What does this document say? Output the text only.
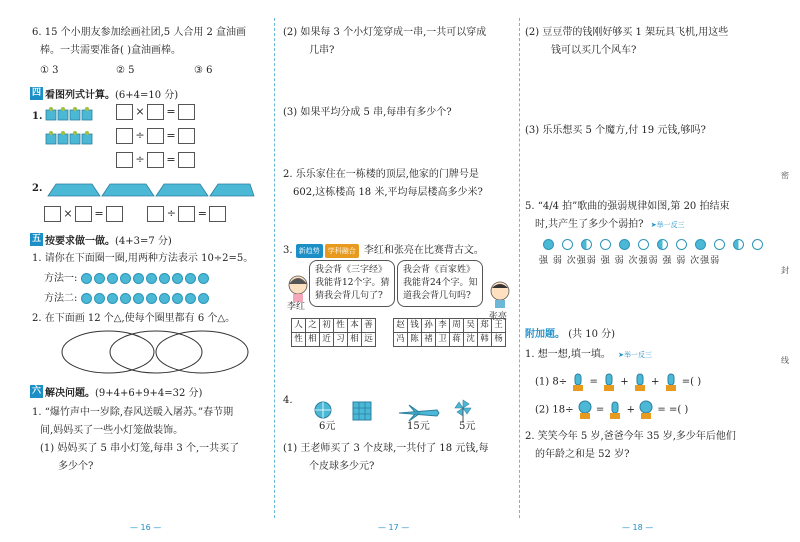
6. 15 个小朋友参加绘画社团,5 人合用 2 盒油画
棒。一共需要准备( )盒油画棒。
① 3	② 5	③ 6
四 看图列式计算。 (6+4=10 分)
1.	× =
÷ =
÷ =
2.
× =	÷ =
五 按要求做一做。 (4+3=7 分)
1. 请你在下面圈一圈,用两种方法表示 10÷2=5。
方法一:
方法二:
2. 在下面画 12 个△,使每个圈里都有 6 个△。
六 解决问题。 (9+4+6+9+4=32 分)
1. “爆竹声中一岁除,春风送暖入屠苏。”春节期
间,妈妈买了一些小灯笼做装饰。
(1) 妈妈买了 5 串小灯笼,每串 3 个,一共买了
多少个?
(2) 如果每 3 个小灯笼穿成一串,一共可以穿成
几串?
(3) 如果平均分成 5 串,每串有多少个?
2. 乐乐家住在一栋楼的顶层,他家的门牌号是
602,这栋楼高 18 米,平均每层楼高多少米?
3. 新趋势 学科融合 李红和张亮在比赛背古文。
李红
我会背《三字经》
我能背12个字。猜
猜我会背几句了?
我会背《百家姓》
我能背24个字。知
道我会背几句吗?
张亮
人	之	初	性	本	善
性	相	近	习	相	远
赵	钱	孙	李	周	吴	郑	王
冯	陈	褚	卫	蒋	沈	韩	杨
4.
6元	15元	5元
(1) 王老师买了 3 个皮球,一共付了 18 元钱,每
个皮球多少元?
(2) 豆豆带的钱刚好够买 1 架玩具飞机,用这些
钱可以买几个风车?
(3) 乐乐想买 5 个魔方,付 19 元钱,够吗?
5. “4/4 拍”歌曲的强弱规律如图,第 20 拍结束
时,共产生了多少个弱拍? ➤举一反三
强 弱 次强弱 强 弱 次强弱 强 弱 次强弱
附加题。 (共 10 分)
1. 想一想,填一填。 ➤举一反三
(1) 8÷ = + + =( )
(2) 18÷ = + = =( )
2. 笑笑今年 5 岁,爸爸今年 35 岁,多少年后他们
的年龄之和是 52 岁?
密
封
线
— 16 —	— 17 —	— 18 —
